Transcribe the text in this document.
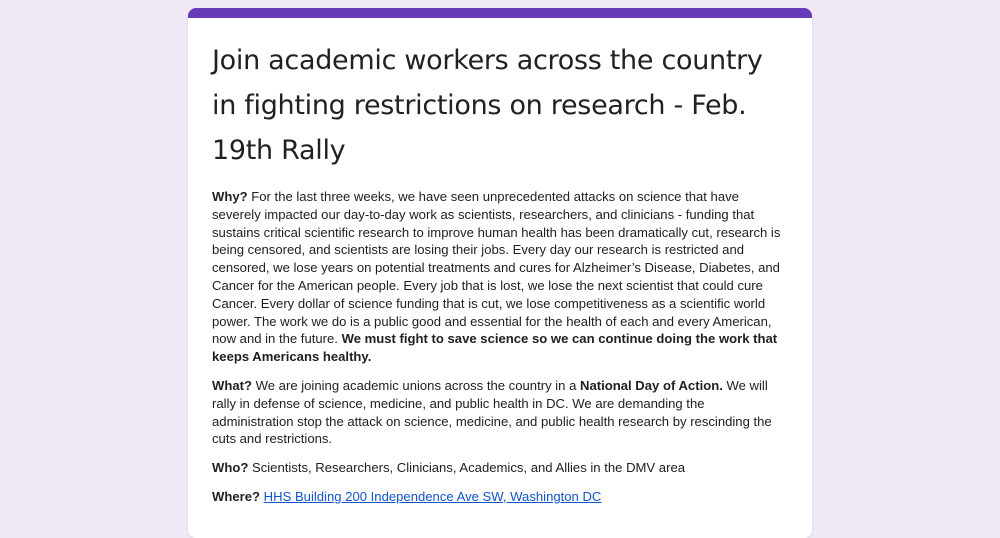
Join academic workers across the country in fighting restrictions on research - Feb. 19th Rally

Why? For the last three weeks, we have seen unprecedented attacks on science that have severely impacted our day-to-day work as scientists, researchers, and clinicians - funding that sustains critical scientific research to improve human health has been dramatically cut, research is being censored, and scientists are losing their jobs. Every day our research is restricted and censored, we lose years on potential treatments and cures for Alzheimer’s Disease, Diabetes, and Cancer for the American people. Every job that is lost, we lose the next scientist that could cure Cancer. Every dollar of science funding that is cut, we lose competitiveness as a scientific world power. The work we do is a public good and essential for the health of each and every American, now and in the future. We must fight to save science so we can continue doing the work that keeps Americans healthy.

What? We are joining academic unions across the country in a National Day of Action. We will rally in defense of science, medicine, and public health in DC. We are demanding the administration stop the attack on science, medicine, and public health research by rescinding the cuts and restrictions.

Who? Scientists, Researchers, Clinicians, Academics, and Allies in the DMV area

Where? HHS Building 200 Independence Ave SW, Washington DC
